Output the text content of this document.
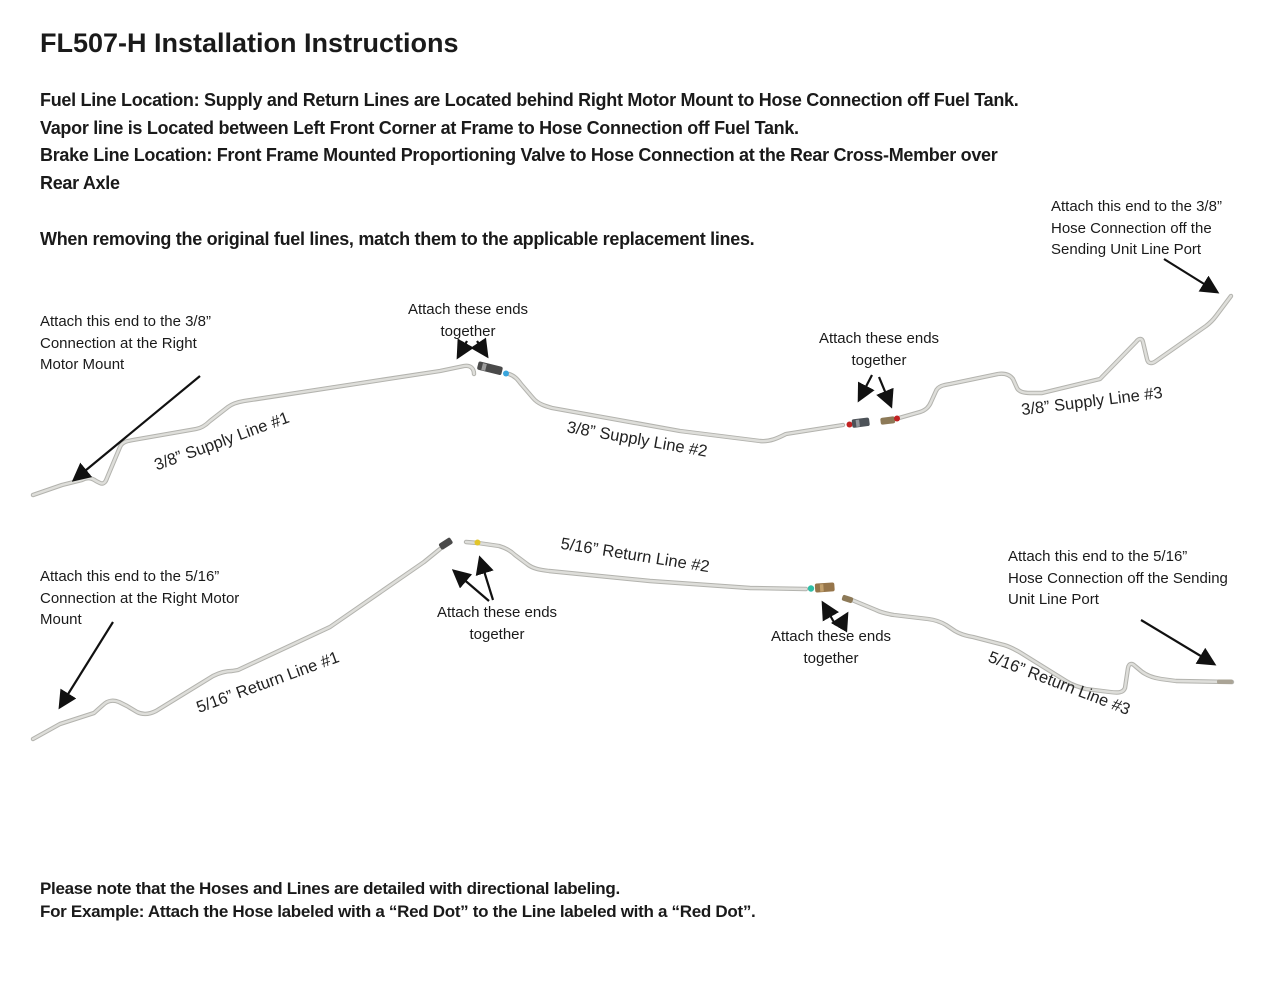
FL507-H Installation Instructions
Fuel Line Location: Supply and Return Lines are Located behind Right Motor Mount to Hose Connection off Fuel Tank.
Vapor line is Located between Left Front Corner at Frame to Hose Connection off Fuel Tank.
Brake Line Location: Front Frame Mounted Proportioning Valve to Hose Connection at the Rear Cross-Member over
Rear Axle
When removing the original fuel lines, match them to the applicable replacement lines.
Attach this end to the 3/8”
Connection at the Right
Motor Mount
Attach these ends
together	Attach these ends
together
Attach this end to the 3/8”
Hose Connection off the
Sending Unit Line Port
3/8” Supply Line #1	3/8” Supply Line #2
3/8” Supply Line #3
Attach this end to the 5/16”
Connection at the Right Motor
Mount	Attach these ends
together	Attach these ends
together
Attach this end to the 5/16”
Hose Connection off the Sending
Unit Line Port
5/16” Return Line #1
5/16” Return Line #2
5/16” Return Line #3
Please note that the Hoses and Lines are detailed with directional labeling.
For Example: Attach the Hose labeled with a “Red Dot” to the Line labeled with a “Red Dot”.
